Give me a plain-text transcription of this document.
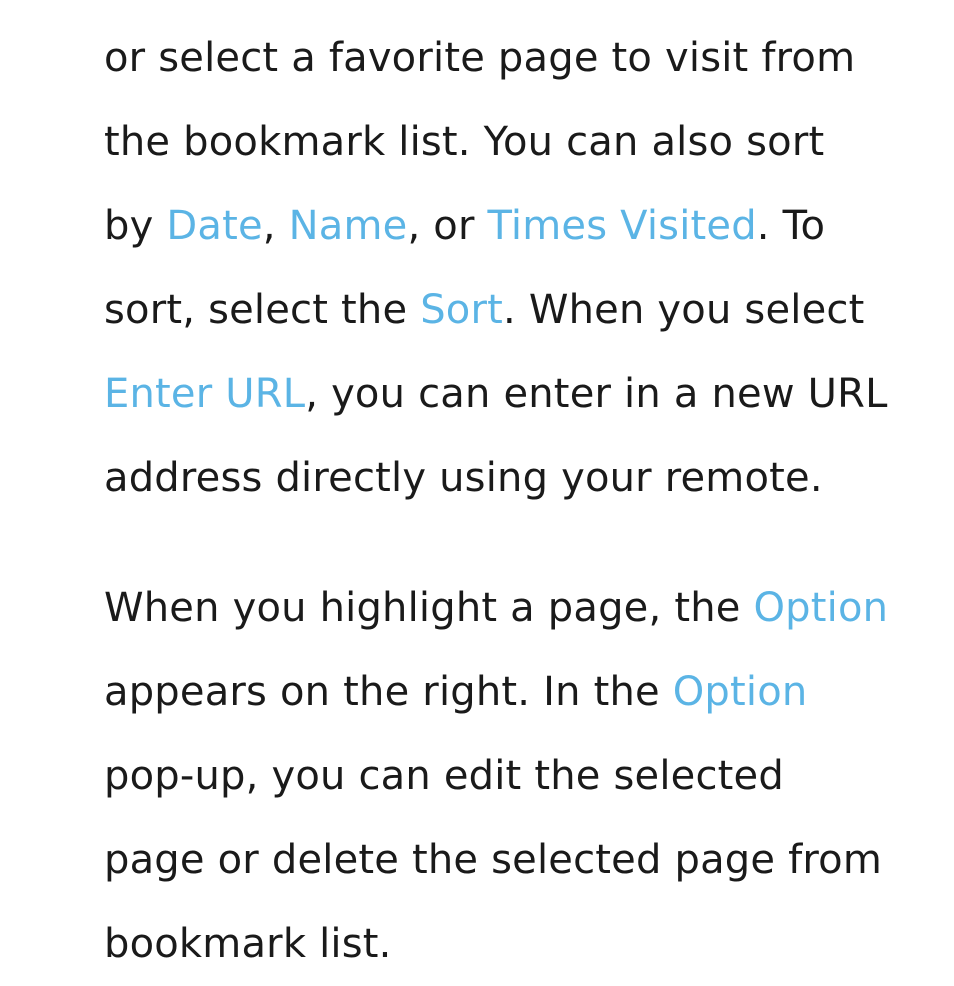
or select a favorite page to visit from
the bookmark list. You can also sort
by Date, Name, or Times Visited. To
sort, select the Sort. When you select
Enter URL, you can enter in a new URL
address directly using your remote.
When you highlight a page, the Option
appears on the right. In the Option
pop-up, you can edit the selected
page or delete the selected page from
bookmark list.
